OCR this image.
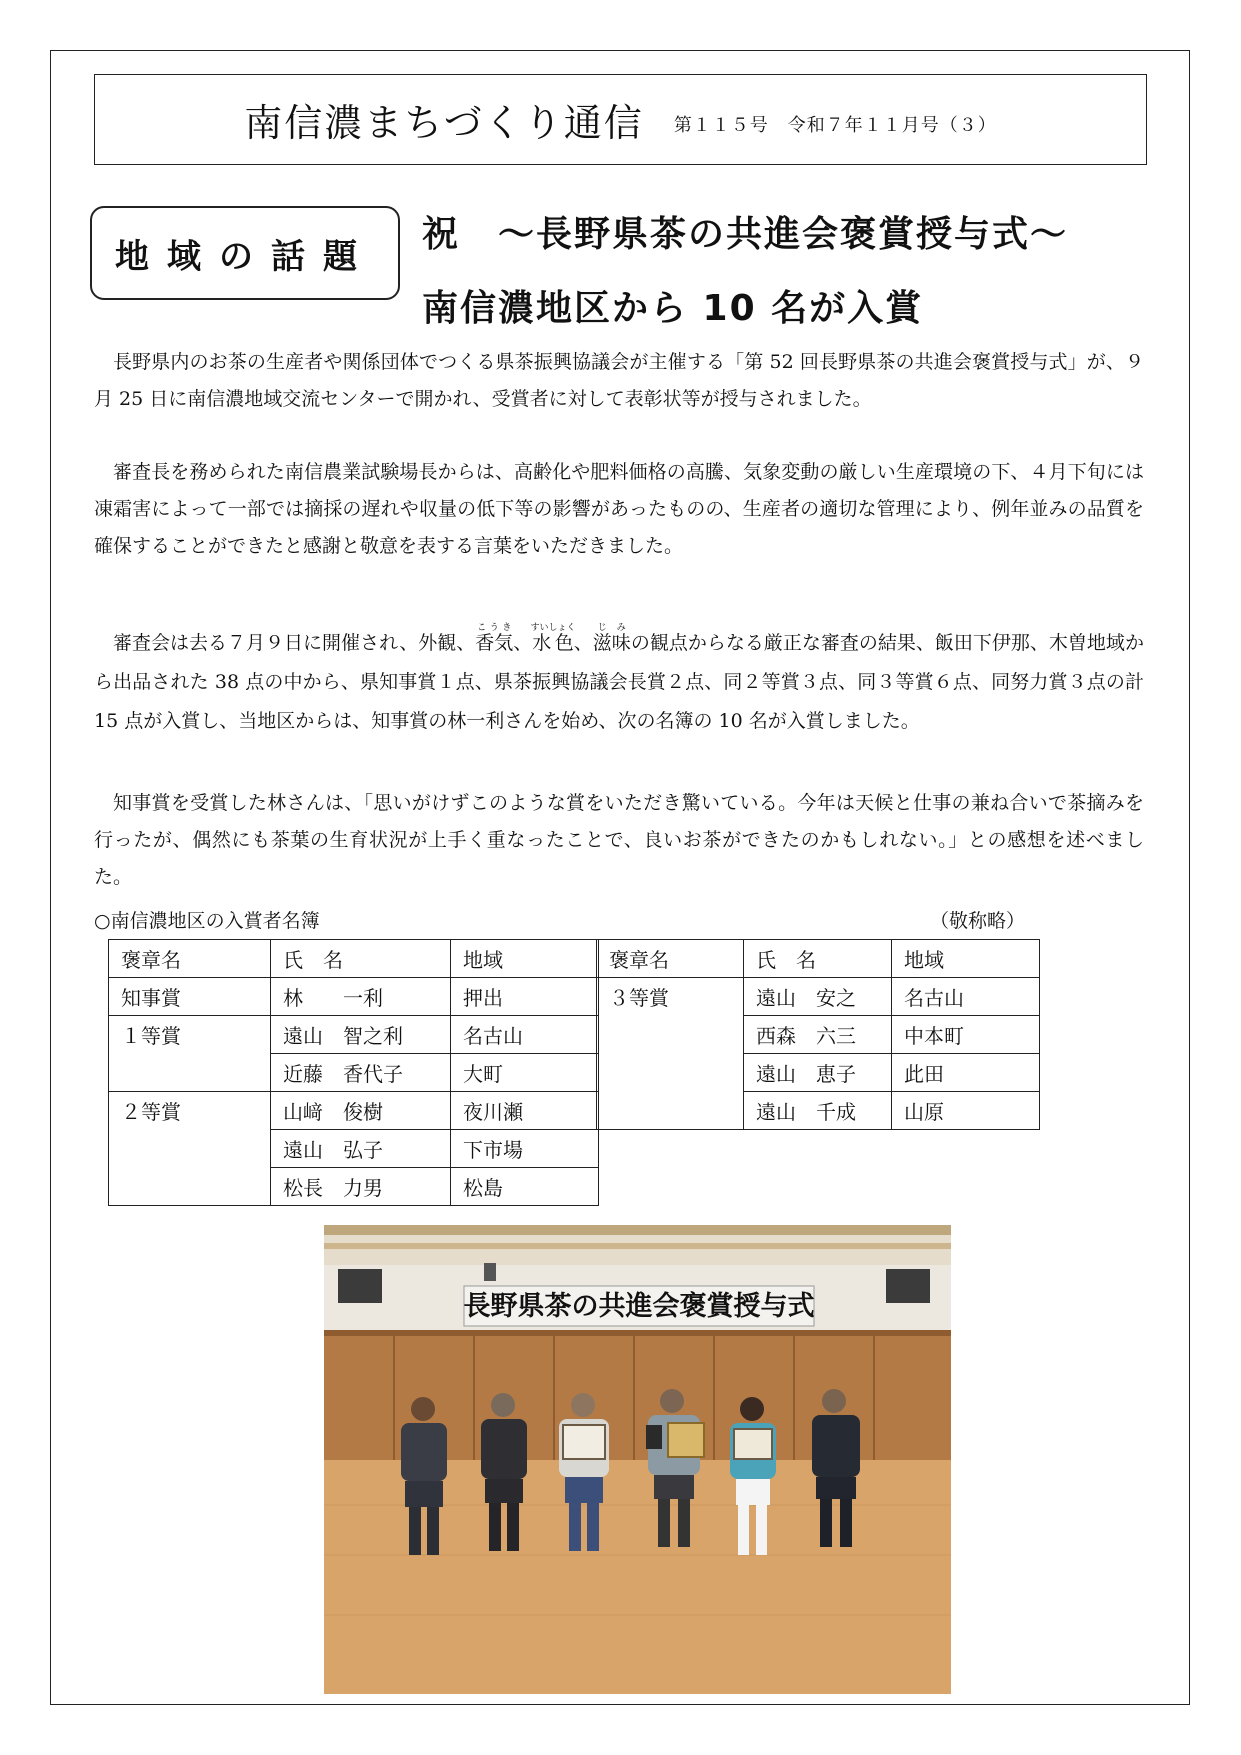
南信濃まちづくり通信 第１１５号　令和７年１１月号（３）
地域の話題
祝　～長野県茶の共進会褒賞授与式～
南信濃地区から 10 名が入賞

長野県内のお茶の生産者や関係団体でつくる県茶振興協議会が主催する「第 52 回長野県茶の共進会褒賞授与式」が、９月 25 日に南信濃地域交流センターで開かれ、受賞者に対して表彰状等が授与されました。

審査長を務められた南信農業試験場長からは、高齢化や肥料価格の高騰、気象変動の厳しい生産環境の下、４月下旬には凍霜害によって一部では摘採の遅れや収量の低下等の影響があったものの、生産者の適切な管理により、例年並みの品質を確保することができたと感謝と敬意を表する言葉をいただきました。

審査会は去る７月９日に開催され、外観、香気こうき、水色すいしょく、滋味じみの観点からなる厳正な審査の結果、飯田下伊那、木曽地域から出品された 38 点の中から、県知事賞１点、県茶振興協議会長賞２点、同２等賞３点、同３等賞６点、同努力賞３点の計 15 点が入賞し、当地区からは、知事賞の林一利さんを始め、次の名簿の 10 名が入賞しました。

知事賞を受賞した林さんは、「思いがけずこのような賞をいただき驚いている。今年は天候と仕事の兼ね合いで茶摘みを行ったが、偶然にも茶葉の生育状況が上手く重なったことで、良いお茶ができたのかもしれない。」との感想を述べました。

○南信濃地区の入賞者名簿	（敬称略）
褒章名	氏　名	地域
知事賞	林　　一利	押出
１等賞	遠山　智之利	名古山
	近藤　香代子	大町
２等賞	山﨑　俊樹	夜川瀬
	遠山　弘子	下市場
	松長　力男	松島
褒章名	氏　名	地域
３等賞	遠山　安之	名古山
	西森　六三	中本町
	遠山　恵子	此田
	遠山　千成	山原
長野県茶の共進会褒賞授与式
